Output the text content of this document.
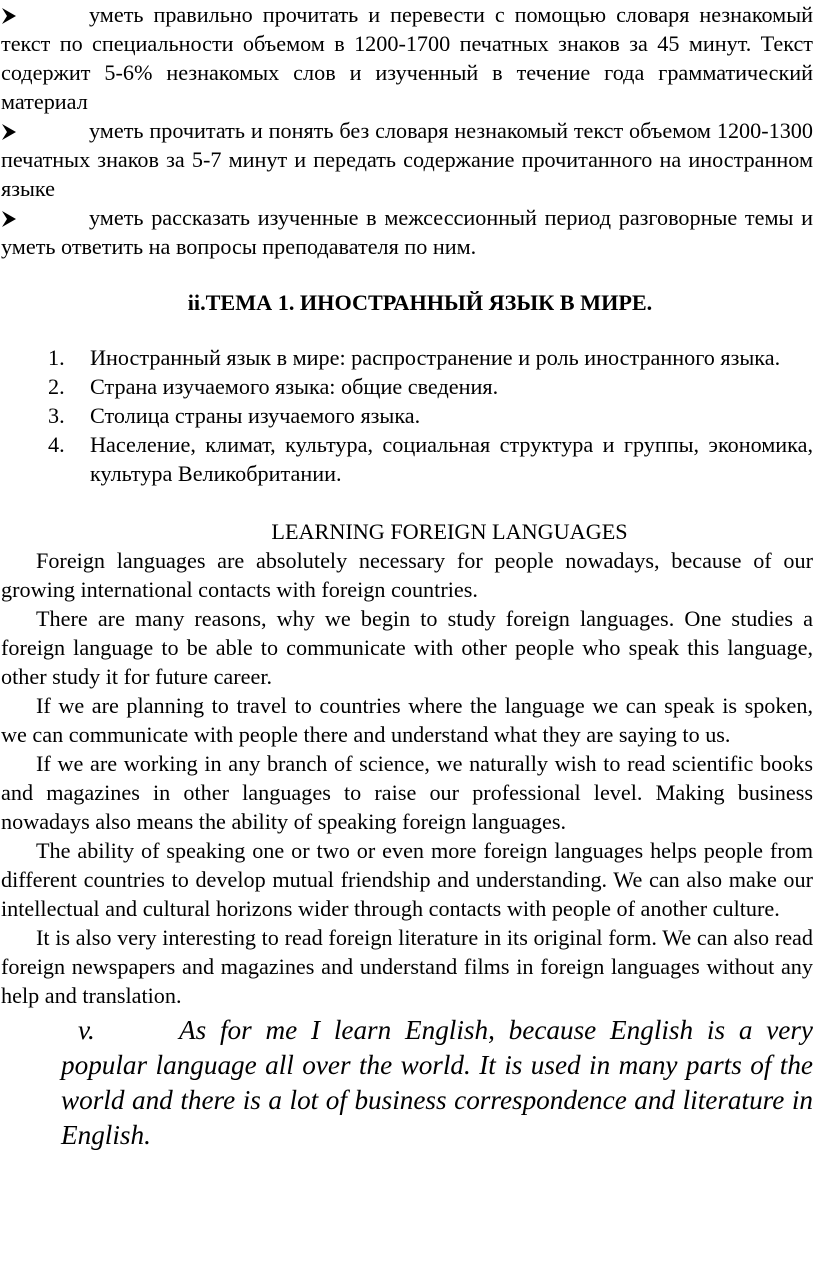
уметь правильно прочитать и перевести с помощью словаря незнакомый текст по специальности объемом в 1200-1700 печатных знаков за 45 минут. Текст содержит 5-6% незнакомых слов и изученный в течение года грамматический материал
уметь прочитать и понять без словаря незнакомый текст объемом 1200-1300 печатных знаков за 5-7 минут и передать содержание прочитанного на иностранном языке
уметь рассказать изученные в межсессионный период разговорные темы и уметь ответить на вопросы преподавателя по ним.
ii.ТЕМА 1. ИНОСТРАННЫЙ ЯЗЫК В МИРЕ.
1. Иностранный язык в мире: распространение и роль иностранного языка.
2. Страна изучаемого языка: общие сведения.
3. Столица страны изучаемого языка.
4. Население, климат, культура, социальная структура и группы, экономика, культура Великобритании.
LEARNING FOREIGN LANGUAGES
Foreign languages are absolutely necessary for people nowadays, because of our growing international contacts with foreign countries.
There are many reasons, why we begin to study foreign languages. One studies a foreign language to be able to communicate with other people who speak this language, other study it for future career.
If we are planning to travel to countries where the language we can speak is spoken, we can communicate with people there and understand what they are saying to us.
If we are working in any branch of science, we naturally wish to read scientific books and magazines in other languages to raise our professional level. Making business nowadays also means the ability of speaking foreign languages.
The ability of speaking one or two or even more foreign languages helps people from different countries to develop mutual friendship and understanding. We can also make our intellectual and cultural horizons wider through contacts with people of another culture.
It is also very interesting to read foreign literature in its original form. We can also read foreign newspapers and magazines and understand films in foreign languages without any help and translation.
v.	As for me I learn English, because English is a very popular language all over the world. It is used in many parts of the world and there is a lot of business correspondence and literature in English.
